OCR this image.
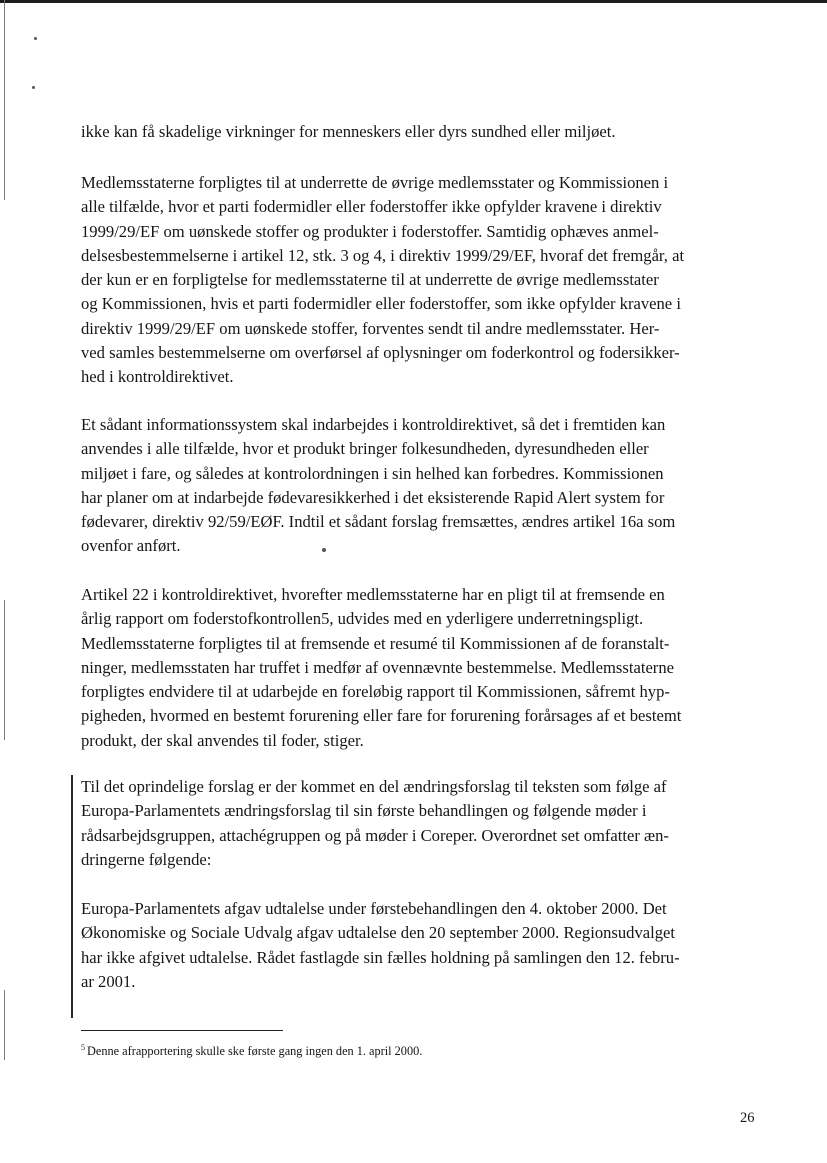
ikke kan få skadelige virkninger for menneskers eller dyrs sundhed eller miljøet.
Medlemsstaterne forpligtes til at underrette de øvrige medlemsstater og Kommissionen i
alle tilfælde, hvor et parti fodermidler eller foderstoffer ikke opfylder kravene i direktiv
1999/29/EF om uønskede stoffer og produkter i foderstoffer. Samtidig ophæves anmel-
delsesbestemmelserne i artikel 12, stk. 3 og 4, i direktiv 1999/29/EF, hvoraf det fremgår, at
der kun er en forpligtelse for medlemsstaterne til at underrette de øvrige medlemsstater
og Kommissionen, hvis et parti fodermidler eller foderstoffer, som ikke opfylder kravene i
direktiv 1999/29/EF om uønskede stoffer, forventes sendt til andre medlemsstater. Her-
ved samles bestemmelserne om overførsel af oplysninger om foderkontrol og fodersikker-
hed i kontroldirektivet.
Et sådant informationssystem skal indarbejdes i kontroldirektivet, så det i fremtiden kan
anvendes i alle tilfælde, hvor et produkt bringer folkesundheden, dyresundheden eller
miljøet i fare, og således at kontrolordningen i sin helhed kan forbedres. Kommissionen
har planer om at indarbejde fødevaresikkerhed i det eksisterende Rapid Alert system for
fødevarer, direktiv 92/59/EØF. Indtil et sådant forslag fremsættes, ændres artikel 16a som
ovenfor anført.
Artikel 22 i kontroldirektivet, hvorefter medlemsstaterne har en pligt til at fremsende en
årlig rapport om foderstofkontrollen5, udvides med en yderligere underretningspligt.
Medlemsstaterne forpligtes til at fremsende et resumé til Kommissionen af de foranstalt-
ninger, medlemsstaten har truffet i medfør af ovennævnte bestemmelse. Medlemsstaterne
forpligtes endvidere til at udarbejde en foreløbig rapport til Kommissionen, såfremt hyp-
pigheden, hvormed en bestemt forurening eller fare for forurening forårsages af et bestemt
produkt, der skal anvendes til foder, stiger.
Til det oprindelige forslag er der kommet en del ændringsforslag til teksten som følge af
Europa-Parlamentets ændringsforslag til sin første behandlingen og følgende møder i
rådsarbejdsgruppen, attachégruppen og på møder i Coreper. Overordnet set omfatter æn-
dringerne følgende:
Europa-Parlamentets afgav udtalelse under førstebehandlingen den 4. oktober 2000. Det
Økonomiske og Sociale Udvalg afgav udtalelse den 20 september 2000. Regionsudvalget
har ikke afgivet udtalelse. Rådet fastlagde sin fælles holdning på samlingen den 12. febru-
ar 2001.
$^5$ Denne afrapportering skulle ske første gang ingen den 1. april 2000.
26
